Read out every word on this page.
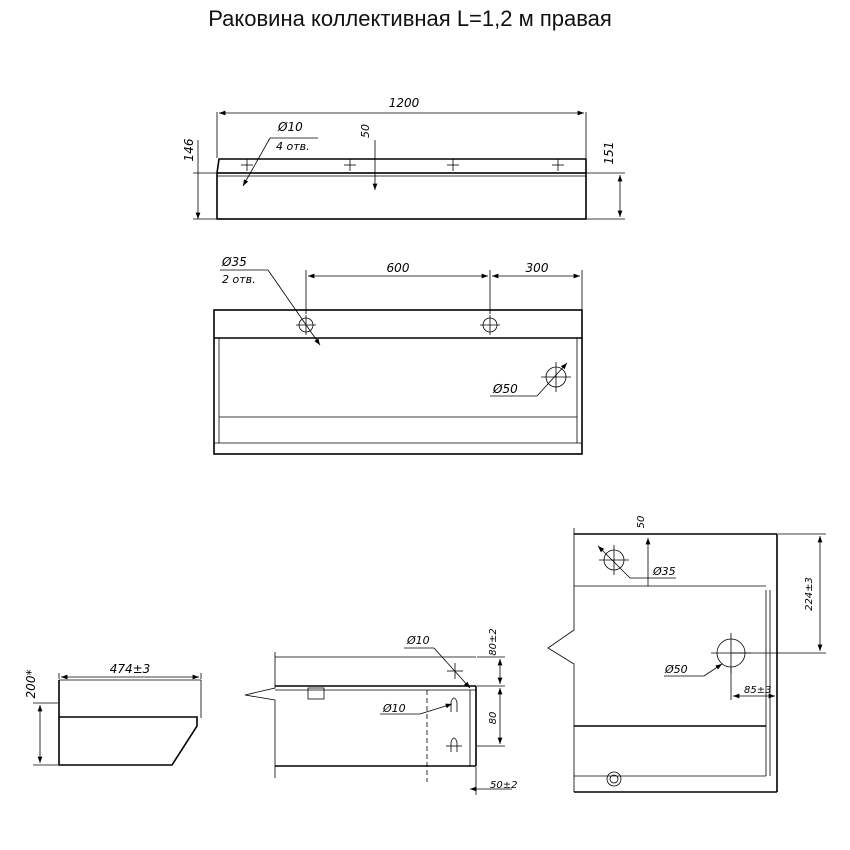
Раковина коллективная L=1,2 м правая
1200
146	151
50
Ø10
4 отв.
600	300
Ø35
2 отв.
Ø50
474±3
200*
Ø10
Ø10
80±2
80
50±2
50
Ø35
224±3
Ø50
85±3
